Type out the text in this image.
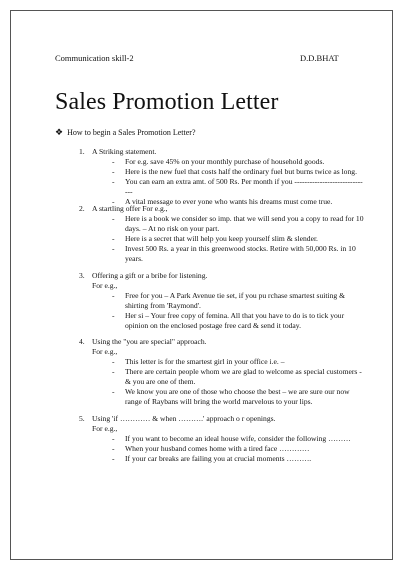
Communication skill-2	D.D.BHAT
Sales Promotion Letter
❖ How to begin a Sales Promotion Letter?
1. A Striking statement.
-	For e.g. save 45% on your monthly purchase of household goods.
-	Here is the new fuel that costs half the ordinary fuel but burns twice as long.
-	You can earn an extra amt. of 500 Rs. Per month if you ------------------------------
-	A vital message to ever yone who wants his dreams must come true.
2. A startling offer For e.g.,
-	Here is a book we consider so imp. that we will send you a copy to read for 10 days. – At no risk on your part.
-	Here is a secret that will help you keep yourself slim & slender.
-	Invest 500 Rs. a year in this greenwood stocks. Retire with 50,000 Rs. in 10 years.
3. Offering a gift or a bribe for listening.
For e.g.,
-	Free for you – A Park Avenue tie set, if you pu rchase smartest suiting & shirting from 'Raymond'.
-	Her si – Your free copy of femina. All that you have to do is to tick your opinion on the enclosed postage free card & send it today.
4. Using the "you are special" approach.
For e.g.,
-	This letter is for the smartest girl in your office i.e. –
-	There are certain people whom we are glad to welcome as special customers - & you are one of them.
-	We know you are one of those who choose the best – we are sure our now range of Raybans will bring the world marvelous to your lips.
5. Using 'if ………… & when ……….' approach o r openings.
For e.g.,
-	If you want to become an ideal house wife, consider the following ………
-	When your husband comes home with a tired face …………
-	If your car breaks are failing you at crucial moments ……….
